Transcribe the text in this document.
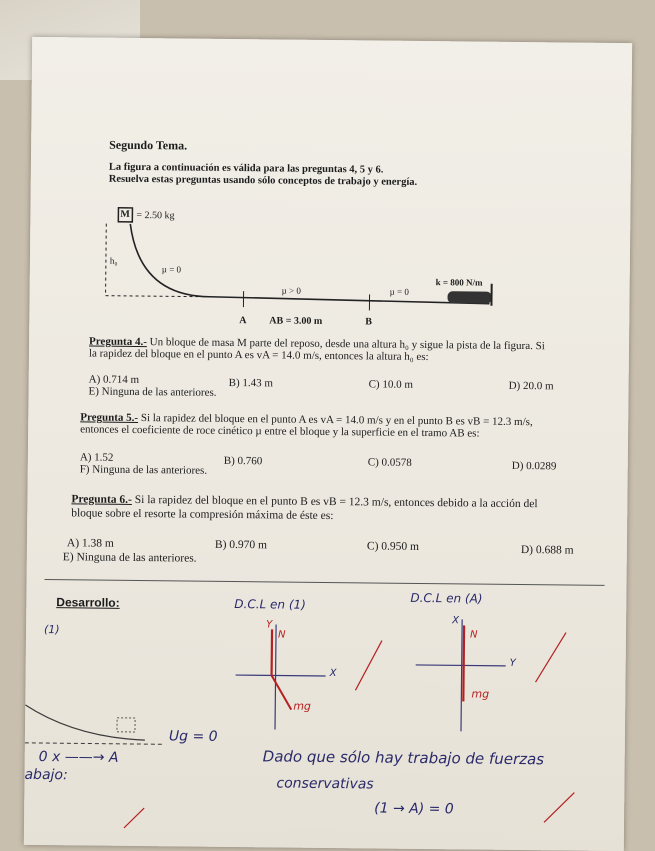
Segundo Tema.
La figura a continuación es válida para las preguntas 4, 5 y 6.
Resuelva estas preguntas usando sólo conceptos de trabajo y energía.
M = 2.50 kg
h₀
µ = 0
µ > 0	µ = 0
k = 800 N/m
A AB = 3.00 m	B
Pregunta 4.- Un bloque de masa M parte del reposo, desde una altura h₀ y sigue la pista de la figura. Si
la rapidez del bloque en el punto A es vA = 14.0 m/s, entonces la altura h₀ es:
A) 0.714 m	B) 1.43 m	C) 10.0 m	D) 20.0 m
E) Ninguna de las anteriores.
Pregunta 5.- Si la rapidez del bloque en el punto A es vA = 14.0 m/s y en el punto B es vB = 12.3 m/s,
entonces el coeficiente de roce cinético µ entre el bloque y la superficie en el tramo AB es:
A) 1.52	B) 0.760	C) 0.0578	D) 0.0289
F) Ninguna de las anteriores.
Pregunta 6.- Si la rapidez del bloque en el punto B es vB = 12.3 m/s, entonces debido a la acción del
bloque sobre el resorte la compresión máxima de éste es:
A) 1.38 m	B) 0.970 m	C) 0.950 m	D) 0.688 m
E) Ninguna de las anteriores.
Desarrollo:
(1)
D.C.L en (1)	D.C.L en (A)
Y
X
N
mg
X
Y
N
mg
Ug = 0
0 x ——→ A
abajo:
Dado que sólo hay trabajo de fuerzas
conservativas
(1 → A) = 0
